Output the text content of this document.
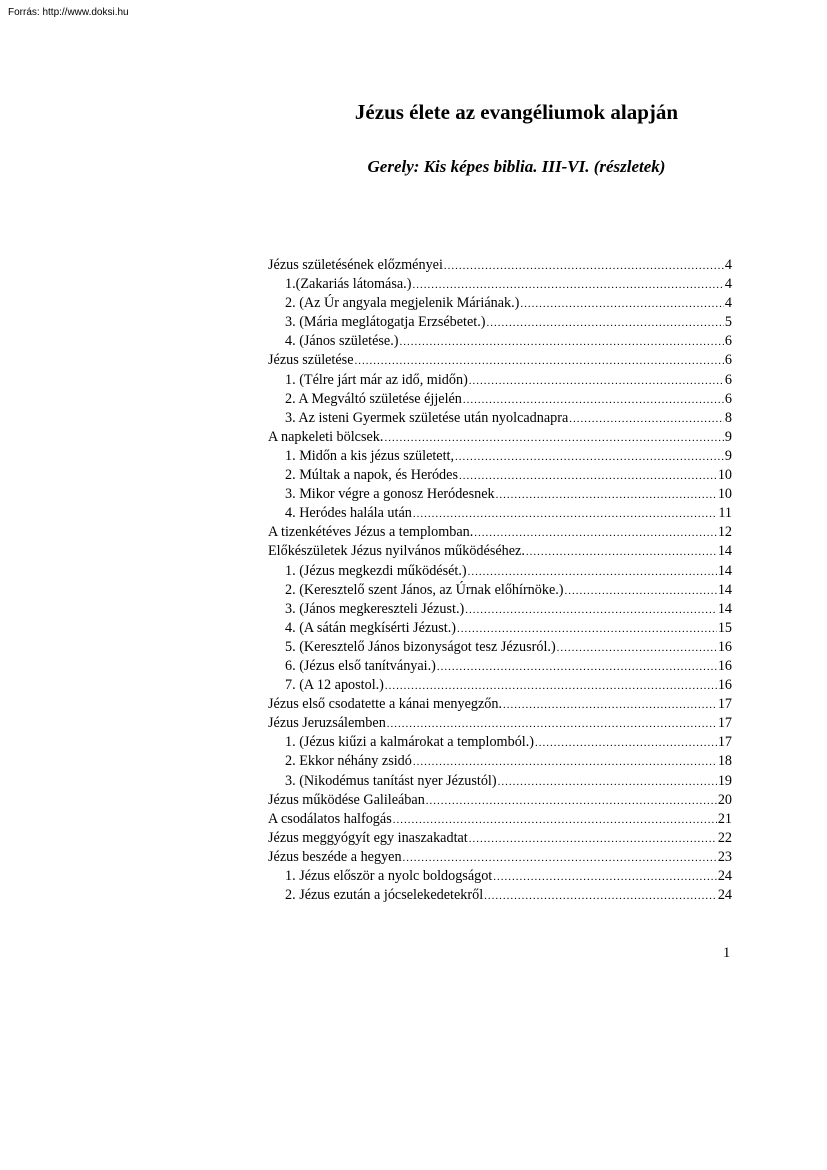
Forrás: http://www.doksi.hu
Jézus élete az evangéliumok alapján
Gerely: Kis képes biblia. III-VI. (részletek)
Jézus születésének előzményei .....	4
1.(Zakariás látomása.) .....	4
2. (Az Úr angyala megjelenik Máriának.) .....	4
3. (Mária meglátogatja Erzsébetet.) .....	5
4. (János születése.) .....	6
Jézus születése .....	6
1. (Télre járt már az idő, midőn) .....	6
2. A Megváltó születése éjjelén .....	6
3. Az isteni Gyermek születése után nyolcadnapra .....	8
A napkeleti bölcsek. .....	9
1. Midőn a kis jézus született, .....	9
2. Múltak a napok, és Heródes .....	10
3. Mikor végre a gonosz Heródesnek .....	10
4. Heródes halála után .....	11
A tizenkétéves Jézus a templomban. .....	12
Előkészületek Jézus nyilvános működéséhez. .....	14
1. (Jézus megkezdi működését.) .....	14
2. (Keresztelő szent János, az Úrnak előhírnöke.) .....	14
3. (János megkereszteli Jézust.) .....	14
4. (A sátán megkísérti Jézust.) .....	15
5. (Keresztelő János bizonyságot tesz Jézusról.) .....	16
6. (Jézus első tanítványai.) .....	16
7. (A 12 apostol.) .....	16
Jézus első csodatette a kánai menyegzőn. .....	17
Jézus Jeruzsálemben .....	17
1. (Jézus kiűzi a kalmárokat a templomból.) .....	17
2. Ekkor néhány zsidó .....	18
3. (Nikodémus tanítást nyer Jézustól) .....	19
Jézus működése Galileában .....	20
A csodálatos halfogás .....	21
Jézus meggyógyít egy inaszakadtat .....	22
Jézus beszéde a hegyen .....	23
1. Jézus először a nyolc boldogságot .....	24
2. Jézus ezután a jócselekedetekről .....	24
1
